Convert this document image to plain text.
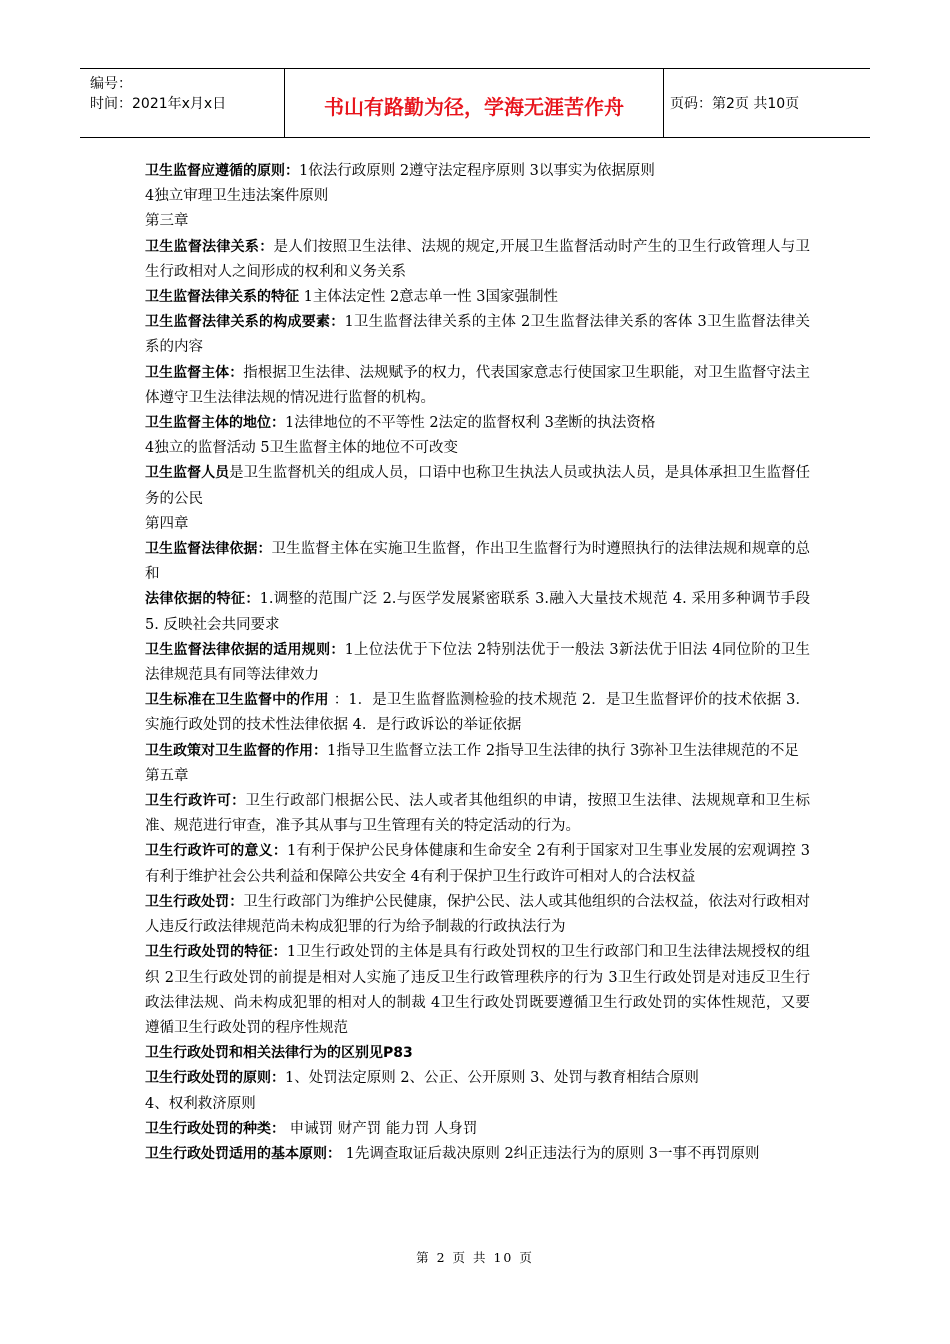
编号：
时间：2021年x月x日	书山有路勤为径，学海无涯苦作舟	页码：第2页 共10页

卫生监督应遵循的原则：1依法行政原则 2遵守法定程序原则 3以事实为依据原则

4独立审理卫生违法案件原则

第三章

卫生监督法律关系：是人们按照卫生法律、法规的规定,开展卫生监督活动时产生的卫生行政管理人与卫生行政相对人之间形成的权利和义务关系

卫生监督法律关系的特征 1主体法定性 2意志单一性 3国家强制性

卫生监督法律关系的构成要素：1卫生监督法律关系的主体 2卫生监督法律关系的客体 3卫生监督法律关系的内容

卫生监督主体：指根据卫生法律、法规赋予的权力，代表国家意志行使国家卫生职能，对卫生监督守法主体遵守卫生法律法规的情况进行监督的机构。

卫生监督主体的地位：1法律地位的不平等性 2法定的监督权利 3垄断的执法资格

4独立的监督活动 5卫生监督主体的地位不可改变

卫生监督人员是卫生监督机关的组成人员，口语中也称卫生执法人员或执法人员，是具体承担卫生监督任务的公民

第四章

卫生监督法律依据：卫生监督主体在实施卫生监督，作出卫生监督行为时遵照执行的法律法规和规章的总和

法律依据的特征：1.调整的范围广泛 2.与医学发展紧密联系 3.融入大量技术规范 4. 采用多种调节手段 5. 反映社会共同要求

卫生监督法律依据的适用规则：1上位法优于下位法 2特别法优于一般法 3新法优于旧法 4同位阶的卫生法律规范具有同等法律效力

卫生标准在卫生监督中的作用 ：1．是卫生监督监测检验的技术规范 2．是卫生监督评价的技术依据 3．实施行政处罚的技术性法律依据 4．是行政诉讼的举证依据

卫生政策对卫生监督的作用：1指导卫生监督立法工作 2指导卫生法律的执行 3弥补卫生法律规范的不足

第五章

卫生行政许可：卫生行政部门根据公民、法人或者其他组织的申请，按照卫生法律、法规规章和卫生标准、规范进行审查，准予其从事与卫生管理有关的特定活动的行为。

卫生行政许可的意义：1有利于保护公民身体健康和生命安全 2有利于国家对卫生事业发展的宏观调控 3有利于维护社会公共利益和保障公共安全 4有利于保护卫生行政许可相对人的合法权益

卫生行政处罚：卫生行政部门为维护公民健康，保护公民、法人或其他组织的合法权益，依法对行政相对人违反行政法律规范尚未构成犯罪的行为给予制裁的行政执法行为

卫生行政处罚的特征：1卫生行政处罚的主体是具有行政处罚权的卫生行政部门和卫生法律法规授权的组织 2卫生行政处罚的前提是相对人实施了违反卫生行政管理秩序的行为 3卫生行政处罚是对违反卫生行政法律法规、尚未构成犯罪的相对人的制裁 4卫生行政处罚既要遵循卫生行政处罚的实体性规范，又要遵循卫生行政处罚的程序性规范

卫生行政处罚和相关法律行为的区别见P83

卫生行政处罚的原则：1、处罚法定原则 2、公正、公开原则 3、处罚与教育相结合原则

4、权利救济原则

卫生行政处罚的种类： 申诫罚 财产罚 能力罚 人身罚

卫生行政处罚适用的基本原则： 1先调查取证后裁决原则 2纠正违法行为的原则 3一事不再罚原则

第 2 页 共 10 页
